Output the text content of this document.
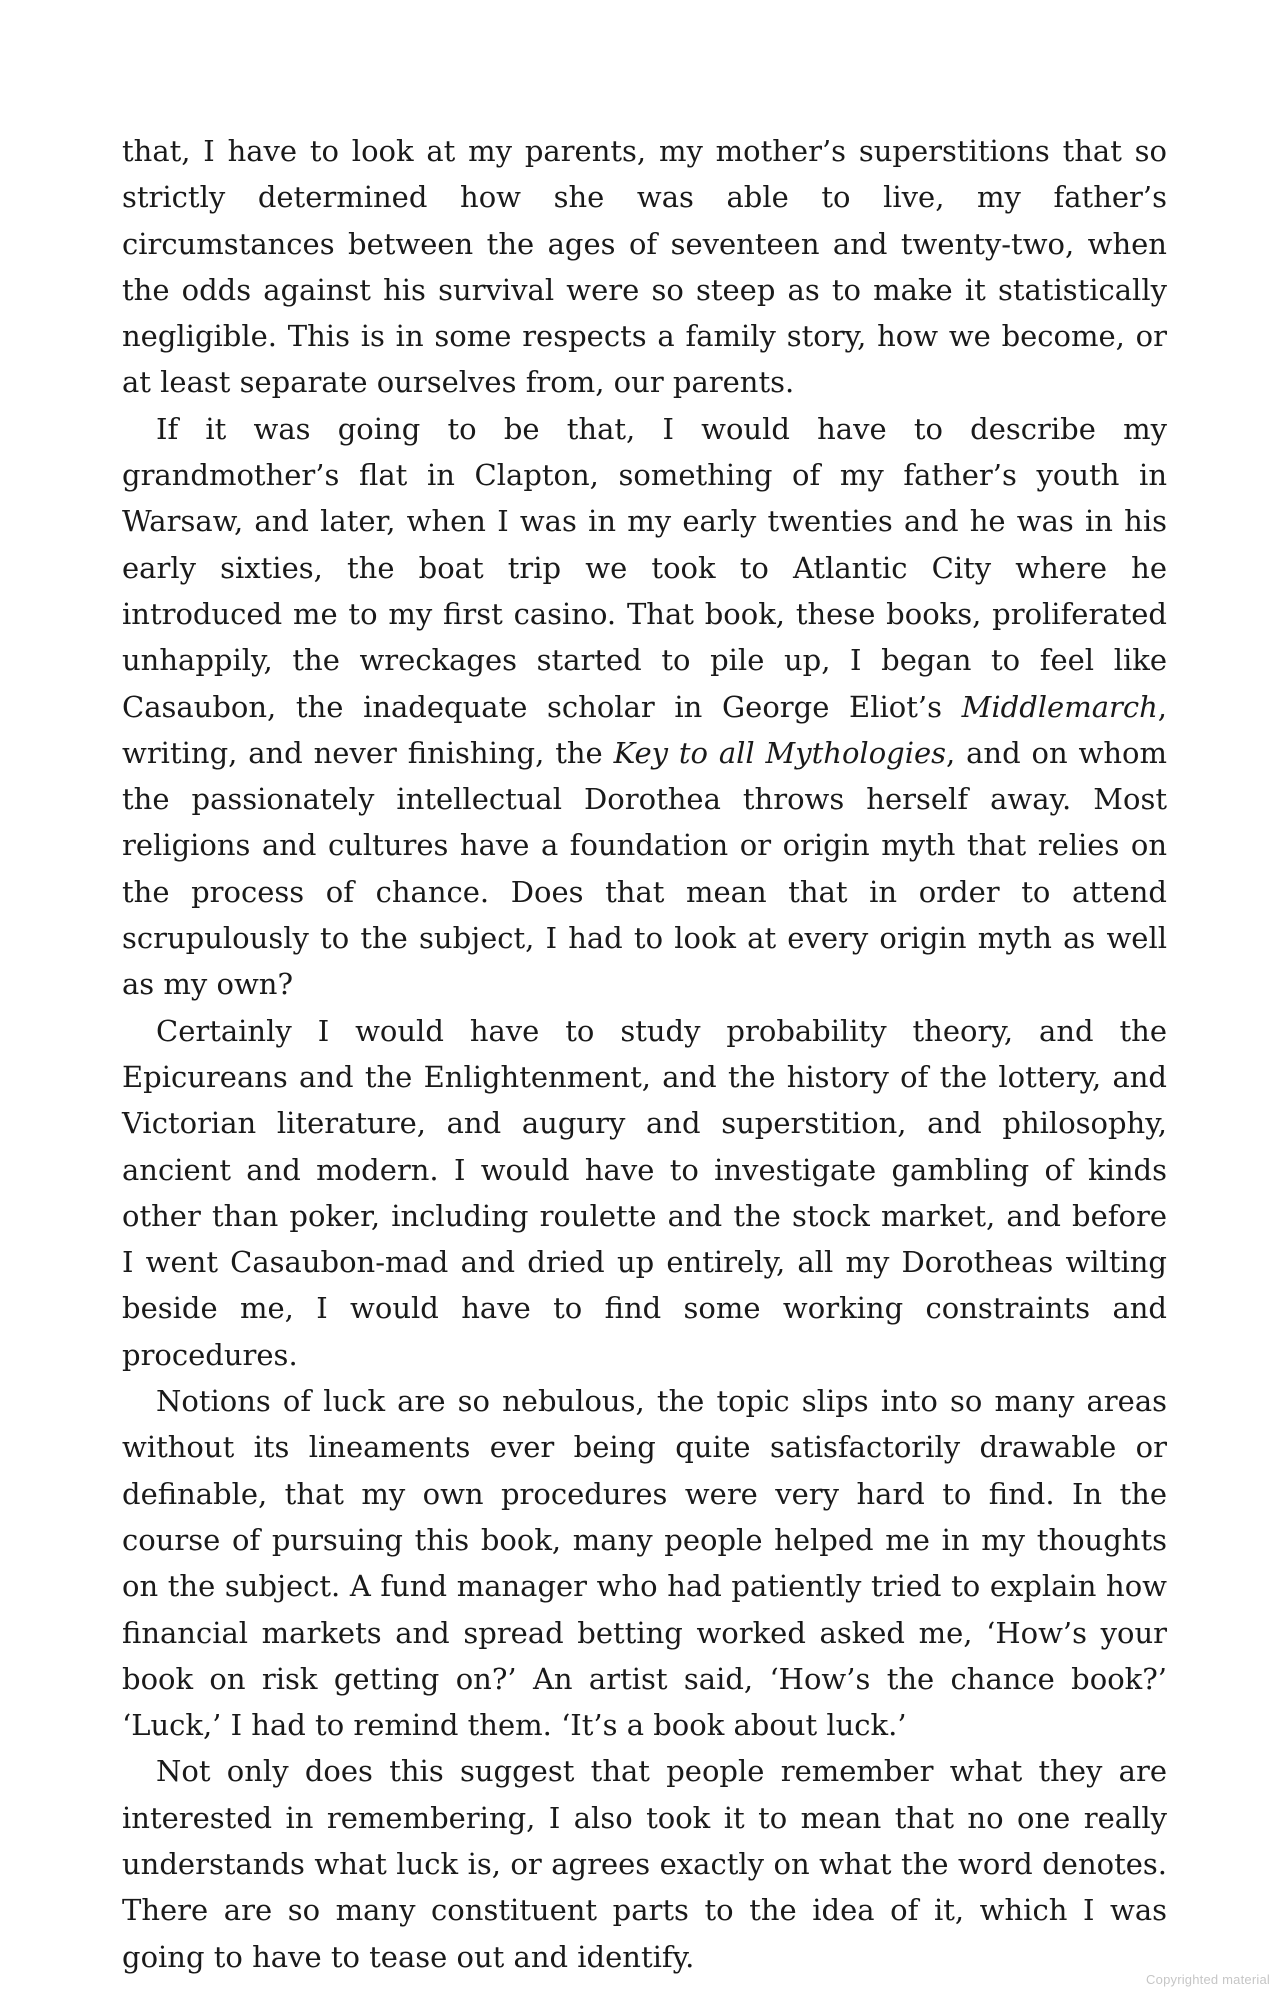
that, I have to look at my parents, my mother’s superstitions that so strictly determined how she was able to live, my father’s circumstances between the ages of seventeen and twenty-two, when the odds against his survival were so steep as to make it statistically negligible. This is in some respects a family story, how we become, or at least separate ourselves from, our parents.

If it was going to be that, I would have to describe my grandmother’s flat in Clapton, something of my father’s youth in Warsaw, and later, when I was in my early twenties and he was in his early sixties, the boat trip we took to Atlantic City where he introduced me to my first casino. That book, these books, proliferated unhappily, the wreckages started to pile up, I began to feel like Casaubon, the inadequate scholar in George Eliot’s Middlemarch, writing, and never finishing, the Key to all Mythologies, and on whom the passionately intellectual Dorothea throws herself away. Most religions and cultures have a foundation or origin myth that relies on the process of chance. Does that mean that in order to attend scrupulously to the subject, I had to look at every origin myth as well as my own?

Certainly I would have to study probability theory, and the Epicureans and the Enlightenment, and the history of the lottery, and Victorian literature, and augury and superstition, and philosophy, ancient and modern. I would have to investigate gambling of kinds other than poker, including roulette and the stock market, and before I went Casaubon-mad and dried up entirely, all my Dorotheas wilting beside me, I would have to find some working constraints and procedures.

Notions of luck are so nebulous, the topic slips into so many areas without its lineaments ever being quite satisfactorily drawable or definable, that my own procedures were very hard to find. In the course of pursuing this book, many people helped me in my thoughts on the subject. A fund manager who had patiently tried to explain how financial markets and spread betting worked asked me, ‘How’s your book on risk getting on?’ An artist said, ‘How’s the chance book?’ ‘Luck,’ I had to remind them. ‘It’s a book about luck.’

Not only does this suggest that people remember what they are interested in remembering, I also took it to mean that no one really understands what luck is, or agrees exactly on what the word denotes. There are so many constituent parts to the idea of it, which I was going to have to tease out and identify.

Copyrighted material
